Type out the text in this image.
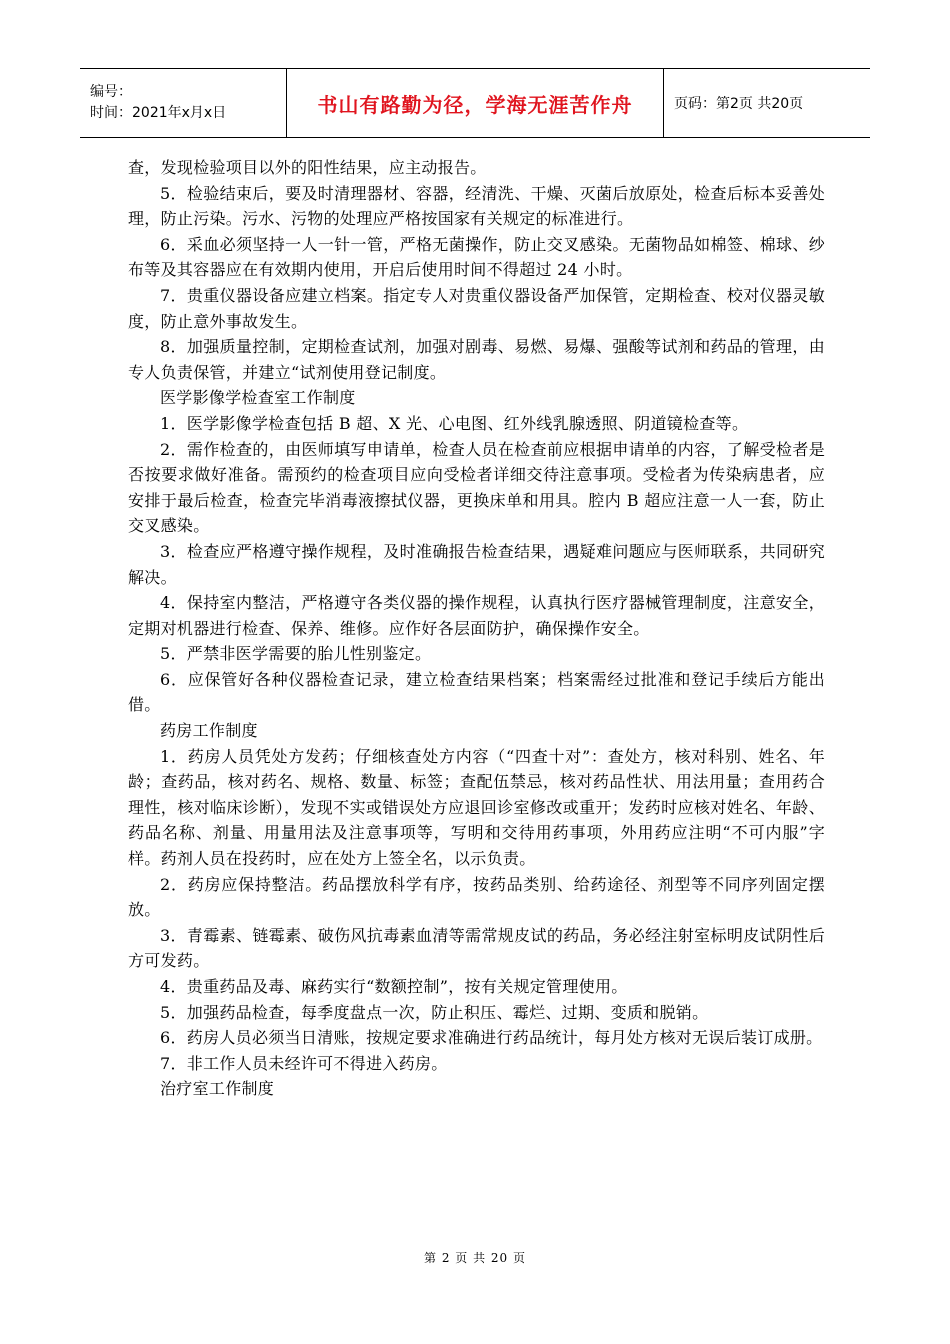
编号：
时间：2021年x月x日	书山有路勤为径，学海无涯苦作舟	页码：第2页 共20页

查，发现检验项目以外的阳性结果，应主动报告。

5．检验结束后，要及时清理器材、容器，经清洗、干燥、灭菌后放原处，检查后标本妥善处理，防止污染。污水、污物的处理应严格按国家有关规定的标准进行。

6．采血必须坚持一人一针一管，严格无菌操作，防止交叉感染。无菌物品如棉签、棉球、纱布等及其容器应在有效期内使用，开启后使用时间不得超过 24 小时。

7．贵重仪器设备应建立档案。指定专人对贵重仪器设备严加保管，定期检查、校对仪器灵敏度，防止意外事故发生。

8．加强质量控制，定期检查试剂，加强对剧毒、易燃、易爆、强酸等试剂和药品的管理，由专人负责保管，并建立“试剂使用登记制度。

医学影像学检查室工作制度

1．医学影像学检查包括 B 超、X 光、心电图、红外线乳腺透照、阴道镜检查等。

2．需作检查的，由医师填写申请单，检查人员在检查前应根据申请单的内容，了解受检者是否按要求做好准备。需预约的检查项目应向受检者详细交待注意事项。受检者为传染病患者，应安排于最后检查，检查完毕消毒液擦拭仪器，更换床单和用具。腔内 B 超应注意一人一套，防止交叉感染。

3．检查应严格遵守操作规程，及时准确报告检查结果，遇疑难问题应与医师联系，共同研究解决。

4．保持室内整洁，严格遵守各类仪器的操作规程，认真执行医疗器械管理制度，注意安全，定期对机器进行检查、保养、维修。应作好各层面防护，确保操作安全。

5．严禁非医学需要的胎儿性别鉴定。

6．应保管好各种仪器检查记录，建立检查结果档案；档案需经过批准和登记手续后方能出借。

药房工作制度

1．药房人员凭处方发药；仔细核查处方内容（“四查十对”：查处方，核对科别、姓名、年龄；查药品，核对药名、规格、数量、标签；查配伍禁忌，核对药品性状、用法用量；查用药合理性，核对临床诊断），发现不实或错误处方应退回诊室修改或重开；发药时应核对姓名、年龄、药品名称、剂量、用量用法及注意事项等，写明和交待用药事项，外用药应注明“不可内服”字样。药剂人员在投药时，应在处方上签全名，以示负责。

2．药房应保持整洁。药品摆放科学有序，按药品类别、给药途径、剂型等不同序列固定摆放。

3．青霉素、链霉素、破伤风抗毒素血清等需常规皮试的药品，务必经注射室标明皮试阴性后方可发药。

4．贵重药品及毒、麻药实行“数额控制”，按有关规定管理使用。

5．加强药品检查，每季度盘点一次，防止积压、霉烂、过期、变质和脱销。

6．药房人员必须当日清账，按规定要求准确进行药品统计，每月处方核对无误后装订成册。

7．非工作人员未经许可不得进入药房。

治疗室工作制度

第 2 页 共 20 页
